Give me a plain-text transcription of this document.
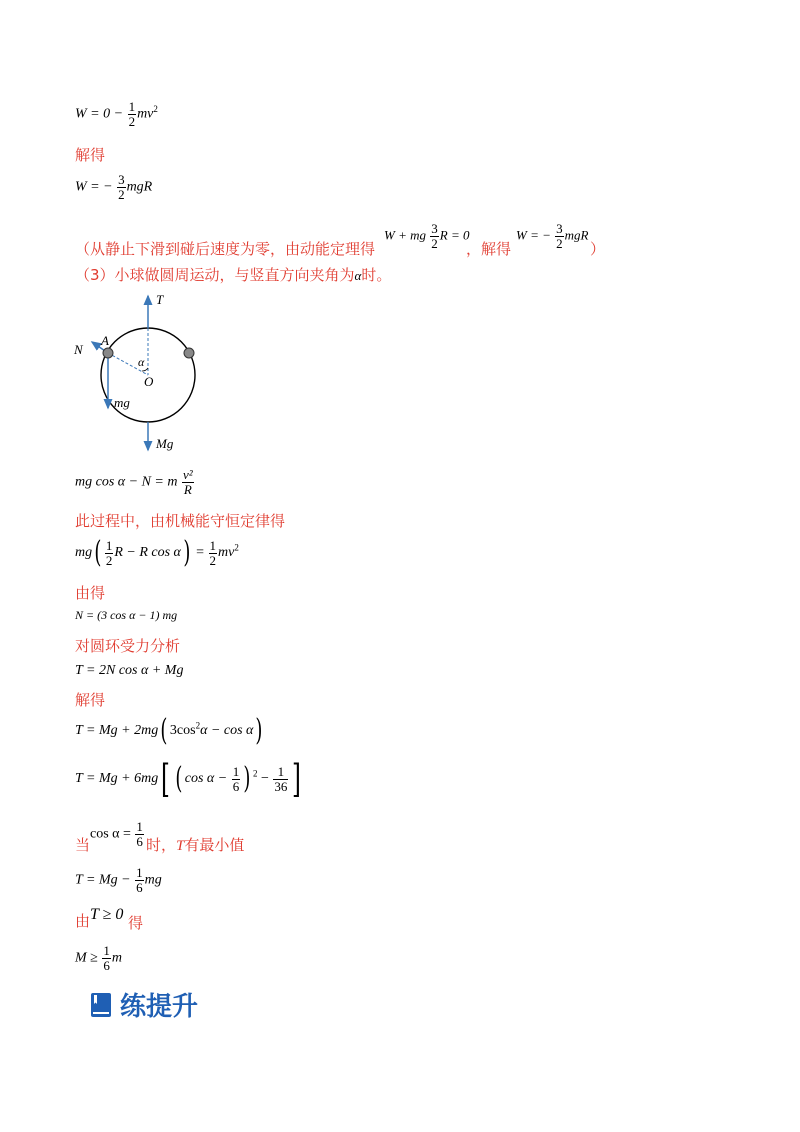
$W = 0 - \frac{1}{2} mv^2$
解得
W = − $\frac{3}{2}$ mgR
（从静止下滑到碰后速度为零，由动能定理得
W + mg $\frac{3}{2}$ R = 0
，解得
W = − $\frac{3}{2}$ mgR
）
（3）小球做圆周运动，与竖直方向夹角为α时。
T
N
A
α
O
mg
Mg
mg cos α − N = m $\frac{\text{v²}}{R}$
此过程中，由机械能守恒定律得
$mg( \frac{1}{2}$ R − R $\cos \alpha) = \frac{1}{2} mv^2$
由得
N = (3 cos α − 1) mg
对圆环受力分析
T = 2N cos α + Mg
解得
T = Mg + 2mg( $3\cos^2\alpha - \cos \alpha$)
T = Mg + 6mg[ ( $\cos \alpha - \frac{1}{6}$ ) $^2 - \frac{1}{36}$ ]
当
$\cos \alpha = \frac{1}{6}$ 时，T有最小值
$T = Mg - \frac{1}{6}$ mg
由 T ≥ 0 得
$M \ge \frac{1}{6}$ m
练提升
